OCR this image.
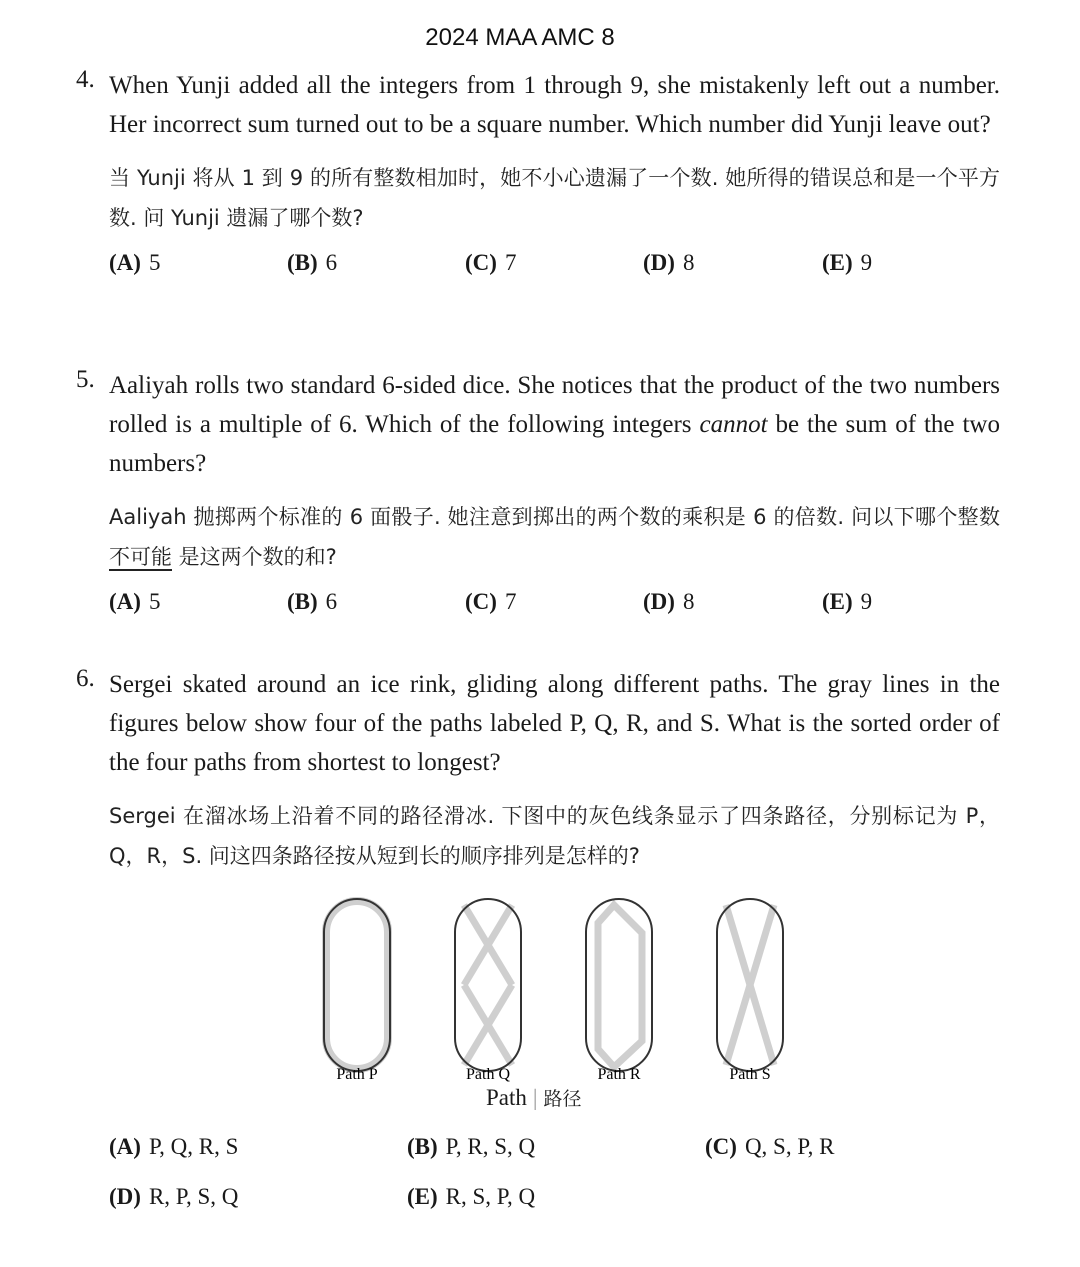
2024 MAA AMC 8
4. When Yunji added all the integers from 1 through 9, she mistakenly left out a number. Her incorrect sum turned out to be a square number. Which number did Yunji leave out?
当 Yunji 将从 1 到 9 的所有整数相加时，她不小心遗漏了一个数. 她所得的错误总和是一个平方数. 问 Yunji 遗漏了哪个数?
(A) 5	(B) 6	(C) 7	(D) 8	(E) 9
5. Aaliyah rolls two standard 6-sided dice. She notices that the product of the two numbers rolled is a multiple of 6. Which of the following integers cannot be the sum of the two numbers?
Aaliyah 抛掷两个标准的 6 面骰子. 她注意到掷出的两个数的乘积是 6 的倍数. 问以下哪个整数 不可能 是这两个数的和?
(A) 5	(B) 6	(C) 7	(D) 8	(E) 9
6. Sergei skated around an ice rink, gliding along different paths. The gray lines in the figures below show four of the paths labeled P, Q, R, and S. What is the sorted order of the four paths from shortest to longest?
Sergei 在溜冰场上沿着不同的路径滑冰. 下图中的灰色线条显示了四条路径，分别标记为 P，Q，R，S. 问这四条路径按从短到长的顺序排列是怎样的?
Path P	Path Q	Path R	Path S
Path | 路径
(A) P, Q, R, S	(B) P, R, S, Q	(C) Q, S, P, R
(D) R, P, S, Q	(E) R, S, P, Q
